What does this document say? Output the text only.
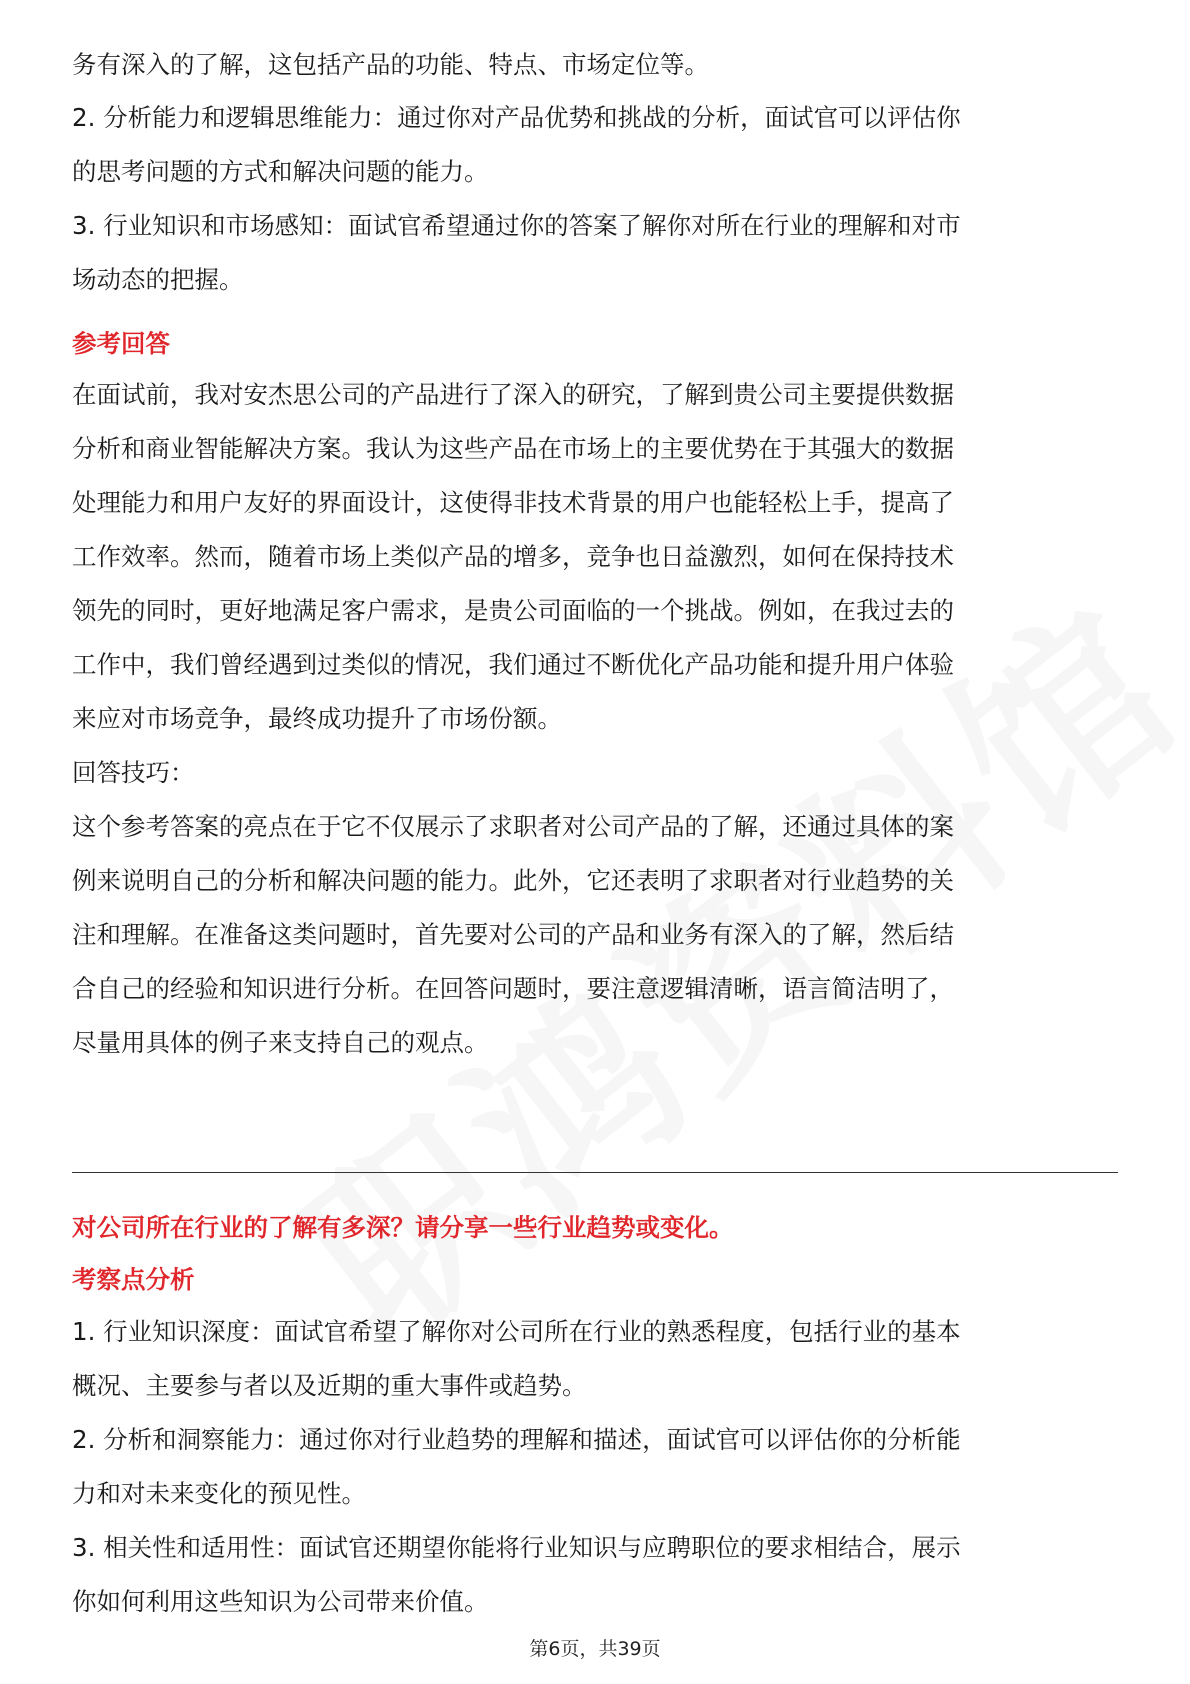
务有深入的了解，这包括产品的功能、特点、市场定位等。
2. 分析能力和逻辑思维能力：通过你对产品优势和挑战的分析，面试官可以评估你
的思考问题的方式和解决问题的能力。
3. 行业知识和市场感知：面试官希望通过你的答案了解你对所在行业的理解和对市
场动态的把握。
参考回答
在面试前，我对安杰思公司的产品进行了深入的研究，了解到贵公司主要提供数据
分析和商业智能解决方案。我认为这些产品在市场上的主要优势在于其强大的数据
处理能力和用户友好的界面设计，这使得非技术背景的用户也能轻松上手，提高了
工作效率。然而，随着市场上类似产品的增多，竞争也日益激烈，如何在保持技术
领先的同时，更好地满足客户需求，是贵公司面临的一个挑战。例如，在我过去的
工作中，我们曾经遇到过类似的情况，我们通过不断优化产品功能和提升用户体验
来应对市场竞争，最终成功提升了市场份额。
回答技巧：
这个参考答案的亮点在于它不仅展示了求职者对公司产品的了解，还通过具体的案
例来说明自己的分析和解决问题的能力。此外，它还表明了求职者对行业趋势的关
注和理解。在准备这类问题时，首先要对公司的产品和业务有深入的了解，然后结
合自己的经验和知识进行分析。在回答问题时，要注意逻辑清晰，语言简洁明了，
尽量用具体的例子来支持自己的观点。
对公司所在行业的了解有多深？请分享一些行业趋势或变化。
考察点分析
1. 行业知识深度：面试官希望了解你对公司所在行业的熟悉程度，包括行业的基本
概况、主要参与者以及近期的重大事件或趋势。
2. 分析和洞察能力：通过你对行业趋势的理解和描述，面试官可以评估你的分析能
力和对未来变化的预见性。
3. 相关性和适用性：面试官还期望你能将行业知识与应聘职位的要求相结合，展示
你如何利用这些知识为公司带来价值。
第6页，共39页
